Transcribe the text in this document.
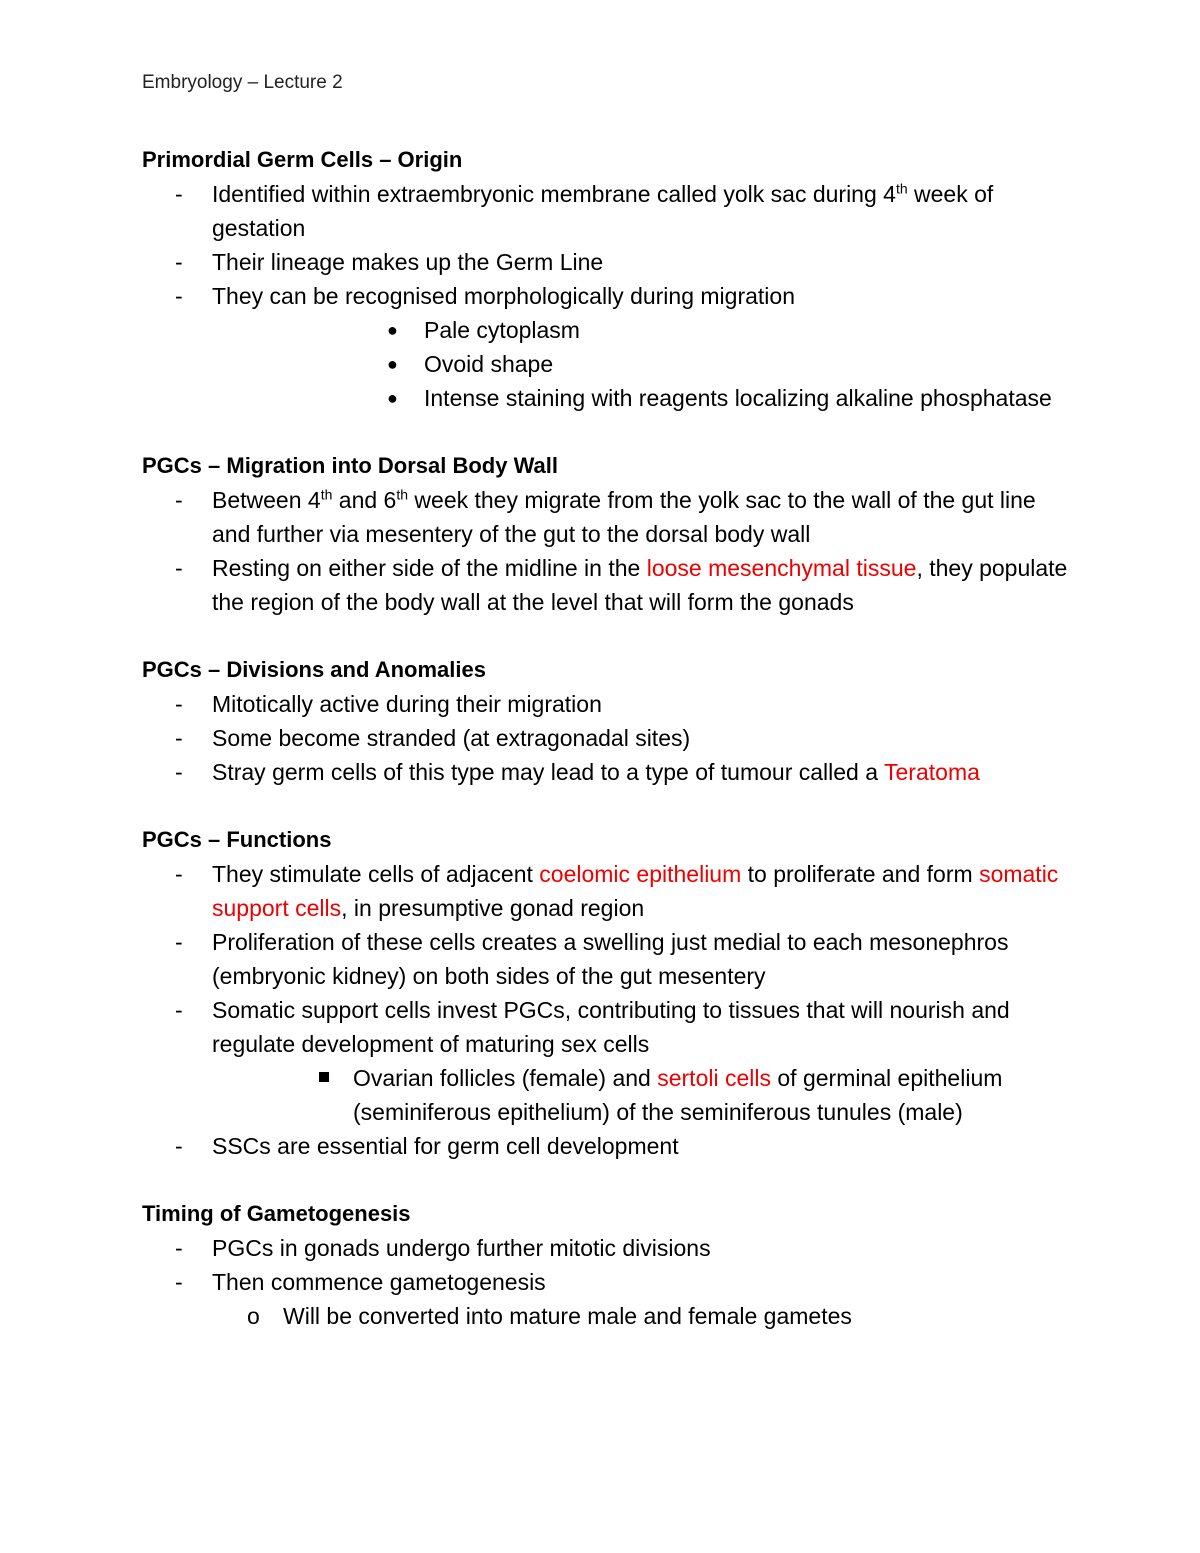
Embryology – Lecture 2
Primordial Germ Cells – Origin
- Identified within extraembryonic membrane called yolk sac during 4th week of gestation
- Their lineage makes up the Germ Line
- They can be recognised morphologically during migration
● Pale cytoplasm
● Ovoid shape
● Intense staining with reagents localizing alkaline phosphatase
PGCs – Migration into Dorsal Body Wall
- Between 4th and 6th week they migrate from the yolk sac to the wall of the gut line and further via mesentery of the gut to the dorsal body wall
- Resting on either side of the midline in the loose mesenchymal tissue, they populate the region of the body wall at the level that will form the gonads
PGCs – Divisions and Anomalies
- Mitotically active during their migration
- Some become stranded (at extragonadal sites)
- Stray germ cells of this type may lead to a type of tumour called a Teratoma
PGCs – Functions
- They stimulate cells of adjacent coelomic epithelium to proliferate and form somatic support cells, in presumptive gonad region
- Proliferation of these cells creates a swelling just medial to each mesonephros (embryonic kidney) on both sides of the gut mesentery
- Somatic support cells invest PGCs, contributing to tissues that will nourish and regulate development of maturing sex cells
Ovarian follicles (female) and sertoli cells of germinal epithelium (seminiferous epithelium) of the seminiferous tunules (male)
- SSCs are essential for germ cell development
Timing of Gametogenesis
- PGCs in gonads undergo further mitotic divisions
- Then commence gametogenesis
o Will be converted into mature male and female gametes
